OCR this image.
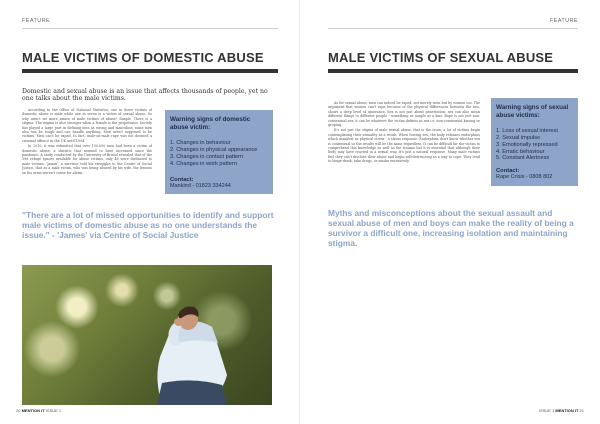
FEATURE
MALE VICTIMS OF DOMESTIC ABUSE
Domestic and sexual abuse is an issue that affects thousands of people, yet no one talks about the male victims.

According to the Office of National Statistics, one in three victims of domestic abuse is male while one in seven is a victim of sexual abuse. So why aren't we more aware of male victims of abuse? Simple. There is a stigma. The stigma is also stronger when a female is the perpetrator. Society has played a large part in defining men as strong and masculine, some men also can be tough and can handle anything. Men aren't supposed to be victims. Men can't be raped. In fact, male-on-male rape was not deemed a criminal offence in the UK until 1994.

In 2010, it was estimated that over 100,000 men had been a victim of domestic abuse, a statistic that seemed to have increased since the pandemic. A study conducted by the University of Bristol revealed that of the 398 refuge spaces available for abuse victims, only 48 were dedicated to male victims. 'James', a survivor, told his struggles to the Centre of Social Justice, that as a male victim, who was being abused by his wife, the lessons on his arms weren't cause for alarm.

Warning signs of domestic abuse victim:
1. Changes in behaviour
2. Changes in physical appearance
3. Changes in contact pattern
4. Changes in work pattern
Contact:
Mankind - 01823 334244
"There are a lot of missed opportunities to identify and support male victims of domestic abuse as no one understands the issue." - 'James' via Centre of Social Justice
20 MENTION IT ISSUE 1
FEATURE
MALE VICTIMS OF SEXUAL ABUSE

As for sexual abuse, men can indeed be raped, not merely seen but by women too. The argument that women can't rape because of the physical differences between the two, shows a deep level of ignorance. Sex is not just about penetration, sex can also mean different things to different people - something as simple as a kiss. Rape is not just non-consensual sex, it can be whatever the victim defines as sex i.e. non-consensual kissing or groping.

It's not just the stigma of male sexual abuse, that is the issue, a lot of victims begin contemplating their sexuality as a result. When forcing sex, the body releases endorphins which manifest as physical stress - a stress response. Endorphins don't know whether sex is consensual so the results will be the same regardless. It can be difficult for the victim to comprehend this knowledge as well as the trauma but it is essential that although their body may have reacted in a sexual way, it's just a natural response. Many male victims feel they can't disclose their abuse and begin self-destructing as a way to cope. They tend to binge-drink, take drugs, or smoke excessively.

Warning signs of sexual abuse victims:
1. Loss of sexual interest
2. Sexual impulse
3. Emotionally repressed
4. Erratic behaviour
5. Constant Alertness
Contact:
Rape Crisis - 0808 802
Myths and misconceptions about the sexual assault and sexual abuse of men and boys can make the reality of being a survivor a difficult one, increasing isolation and maintaining stigma.
ISSUE 1 MENTION IT 21
